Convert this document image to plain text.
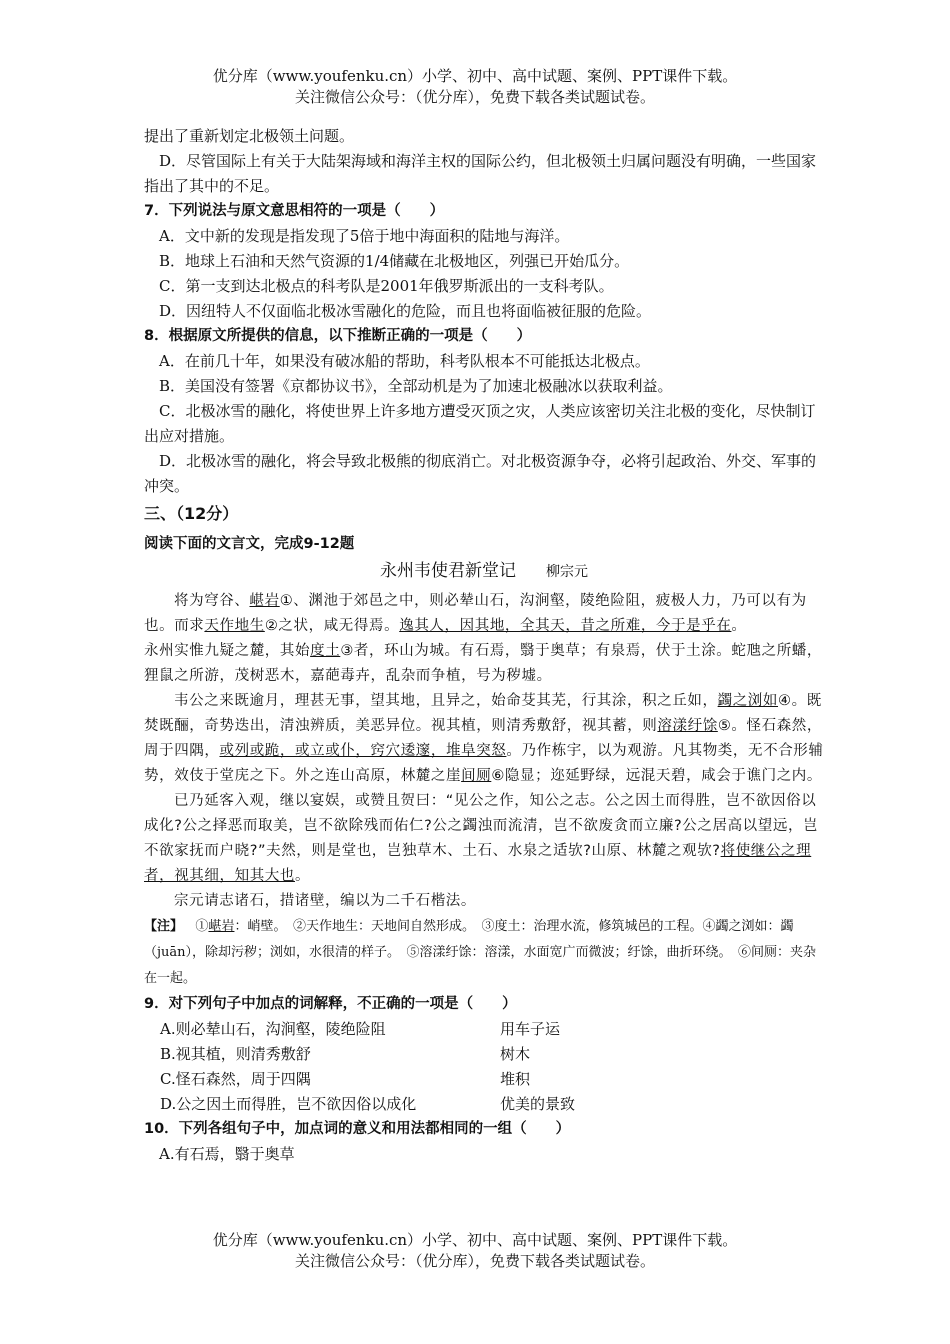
优分库（www.youfenku.cn）小学、初中、高中试题、案例、PPT课件下载。
关注微信公众号：（优分库），免费下载各类试题试卷。

提出了重新划定北极领土问题。

D．尽管国际上有关于大陆架海域和海洋主权的国际公约，但北极领土归属问题没有明确，一些国家指出了其中的不足。

7．下列说法与原文意思相符的一项是（　　）

A．文中新的发现是指发现了5倍于地中海面积的陆地与海洋。

B．地球上石油和天然气资源的1/4储藏在北极地区，列强已开始瓜分。

C．第一支到达北极点的科考队是2001年俄罗斯派出的一支科考队。

D．因纽特人不仅面临北极冰雪融化的危险，而且也将面临被征服的危险。

8．根据原文所提供的信息，以下推断正确的一项是（　　）

A．在前几十年，如果没有破冰船的帮助，科考队根本不可能抵达北极点。

B．美国没有签署《京都协议书》，全部动机是为了加速北极融冰以获取利益。

C．北极冰雪的融化，将使世界上许多地方遭受灭顶之灾，人类应该密切关注北极的变化，尽快制订出应对措施。

D．北极冰雪的融化，将会导致北极熊的彻底消亡。对北极资源争夺，必将引起政治、外交、军事的冲突。

三、（12分）

阅读下面的文言文，完成9-12题

永州韦使君新堂记 柳宗元

将为穹谷、嵁岩①、渊池于郊邑之中，则必辇山石，沟涧壑，陵绝险阻，疲极人力，乃可以有为也。而求天作地生②之状，咸无得焉。逸其人，因其地，全其天，昔之所难，今于是乎在。

永州实惟九疑之麓，其始度土③者，环山为城。有石焉，翳于奥草；有泉焉，伏于土涂。蛇虺之所蟠，狸鼠之所游，茂树恶木，嘉葩毒卉，乱杂而争植，号为秽墟。

韦公之来既逾月，理甚无事，望其地，且异之，始命芟其芜，行其涂，积之丘如，蠲之浏如④。既焚既酾，奇势迭出，清浊辨质，美恶异位。视其植，则清秀敷舒，视其蓄，则溶漾纡馀⑤。怪石森然，周于四隅，或列或跪，或立或仆，窍穴逶邃，堆阜突怒。乃作栋宇，以为观游。凡其物类，无不合形辅势，效伎于堂庑之下。外之连山高原，林麓之崖间厕⑥隐显；迩延野绿，远混天碧，咸会于谯门之内。

已乃延客入观，继以宴娱，或赞且贺曰：“见公之作，知公之志。公之因土而得胜，岂不欲因俗以成化?公之择恶而取美，岂不欲除残而佑仁?公之蠲浊而流清，岂不欲废贪而立廉?公之居高以望远，岂不欲家抚而户晓?”夫然，则是堂也，岂独草木、土石、水泉之适欤?山原、林麓之观欤?将使继公之理者，视其细，知其大也。

宗元请志诸石，措诸壁，编以为二千石楷法。

【注】 ①嵁岩：峭壁。　②天作地生：天地间自然形成。　③度土：治理水流，修筑城邑的工程。④蠲之浏如：蠲（juān），除却污秽；浏如，水很清的样子。　⑤溶漾纡馀：溶漾，水面宽广而微波；纡馀，曲折环绕。　⑥间厕：夹杂在一起。

9．对下列句子中加点的词解释，不正确的一项是（　　）

A.则必辇山石，沟涧壑，陵绝险阻	用车子运
B.视其植，则清秀敷舒	树木
C.怪石森然，周于四隅	堆积
D.公之因土而得胜，岂不欲因俗以成化	优美的景致

10．下列各组句子中，加点词的意义和用法都相同的一组（　　）

A.有石焉，翳于奥草

优分库（www.youfenku.cn）小学、初中、高中试题、案例、PPT课件下载。
关注微信公众号：（优分库），免费下载各类试题试卷。
